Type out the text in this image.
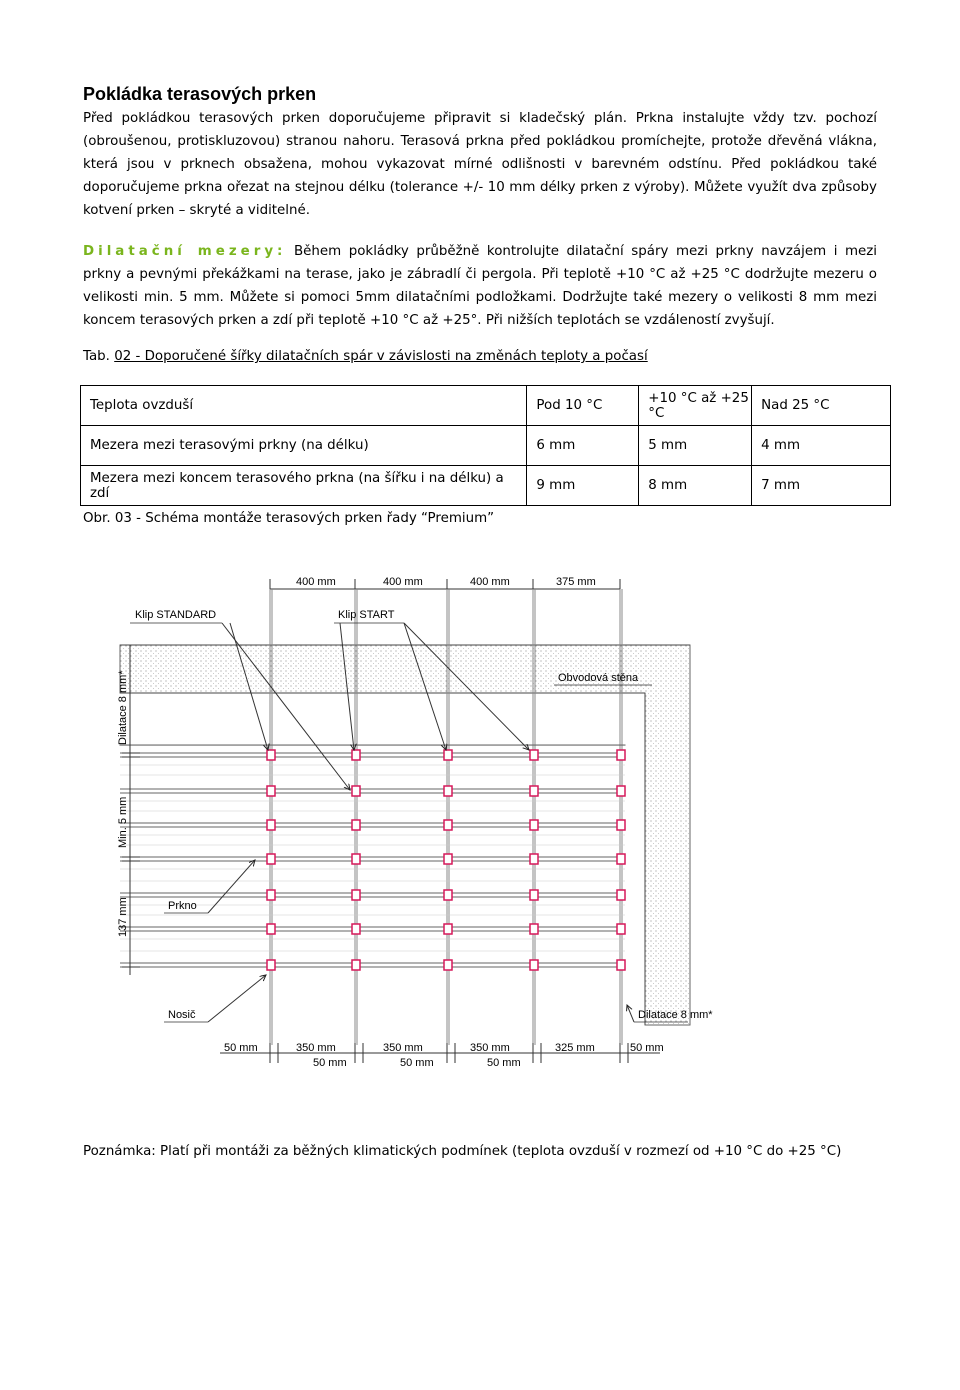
Pokládka terasových prken
Před pokládkou terasových prken doporučujeme připravit si kladečský plán. Prkna instalujte vždy tzv. pochozí (obroušenou, protiskluzovou) stranou nahoru. Terasová prkna před pokládkou promíchejte, protože dřevěná vlákna, která jsou v prknech obsažena, mohou vykazovat mírné odlišnosti v barevném odstínu. Před pokládkou také doporučujeme prkna ořezat na stejnou délku (tolerance +/- 10 mm délky prken z výroby). Můžete využít dva způsoby kotvení prken – skryté a viditelné.
Dilatační mezery: Během pokládky průběžně kontrolujte dilatační spáry mezi prkny navzájem i mezi prkny a pevnými překážkami na terase, jako je zábradlí či pergola. Při teplotě +10 °C až +25 °C dodržujte mezeru o velikosti min. 5 mm. Můžete si pomoci 5mm dilatačními podložkami. Dodržujte také mezery o velikosti 8 mm mezi koncem terasových prken a zdí při teplotě +10 °C až +25°. Při nižších teplotách se vzdáleností zvyšují.
Tab. 02 - Doporučené šířky dilatačních spár v závislosti na změnách teploty a počasí
Teplota ovzduší	Pod 10 °C	+10 °C až +25 °C	Nad 25 °C
Mezera mezi terasovými prkny (na délku)	6 mm	5 mm	4 mm
Mezera mezi koncem terasového prkna (na šířku i na délku) a zdí	9 mm	8 mm	7 mm
Obr. 03 - Schéma montáže terasových prken řady “Premium”
400 mm	400 mm	400 mm	375 mm
Klip STANDARD	Klip START
Obvodová stěna
Dilatace 8 mm*
Min. 5 mm
137 mm	Prkno
Nosič	Dilatace 8 mm*
50 mm	350 mm	350 mm	350 mm	325 mm	50 mm
50 mm	50 mm	50 mm
Poznámka: Platí při montáži za běžných klimatických podmínek (teplota ovzduší v rozmezí od +10 °C do +25 °C)
